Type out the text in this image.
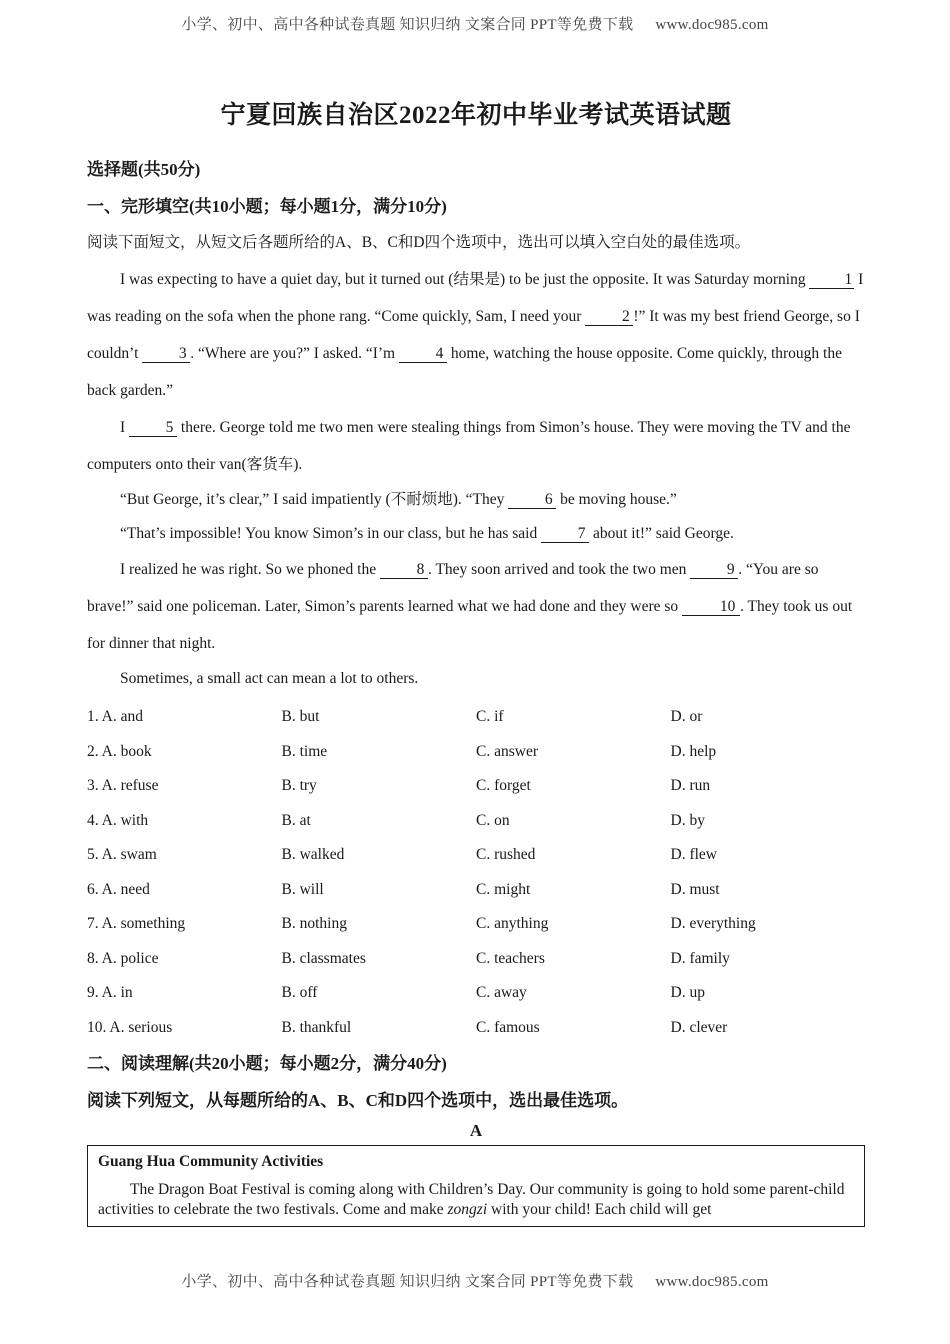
小学、初中、高中各种试卷真题 知识归纳 文案合同 PPT等免费下载 www.doc985.com
宁夏回族自治区2022年初中毕业考试英语试题

选择题(共50分)

一、完形填空(共10小题；每小题1分，满分10分)

阅读下面短文，从短文后各题所给的A、B、C和D四个选项中，选出可以填入空白处的最佳选项。

I was expecting to have a quiet day, but it turned out (结果是) to be just the opposite. It was Saturday morning	1 I was reading on the sofa when the phone rang. “Come quickly, Sam, I need your 2 !” It was my best friend George, so I couldn’t 3 . “Where are you?” I asked. “I’m 4 home, watching the house opposite. Come quickly, through the back garden.”

I 5 there. George told me two men were stealing things from Simon’s house. They were moving the TV and the computers onto their van(客货车).

“But George, it’s clear,” I said impatiently (不耐烦地). “They 6 be moving house.”

“That’s impossible! You know Simon’s in our class, but he has said 7 about it!” said George.

I realized he was right. So we phoned the 8 . They soon arrived and took the two men 9 . “You are so brave!” said one policeman. Later, Simon’s parents learned what we had done and they were so 10 . They took us out for dinner that night.

Sometimes, a small act can mean a lot to others.

1. A. and	B. but	C. if	D. or
2. A. book	B. time	C. answer	D. help
3. A. refuse	B. try	C. forget	D. run
4. A. with	B. at	C. on	D. by
5. A. swam	B. walked	C. rushed	D. flew
6. A. need	B. will	C. might	D. must
7. A. something	B. nothing	C. anything	D. everything
8. A. police	B. classmates	C. teachers	D. family
9. A. in	B. off	C. away	D. up
10. A. serious	B. thankful	C. famous	D. clever
二、阅读理解(共20小题；每小题2分，满分40分)
阅读下列短文，从每题所给的A、B、C和D四个选项中，选出最佳选项。
A
Guang Hua Community Activities

The Dragon Boat Festival is coming along with Children’s Day. Our community is going to hold some parent-child activities to celebrate the two festivals. Come and make zongzi with your child! Each child will get

小学、初中、高中各种试卷真题 知识归纳 文案合同 PPT等免费下载 www.doc985.com
